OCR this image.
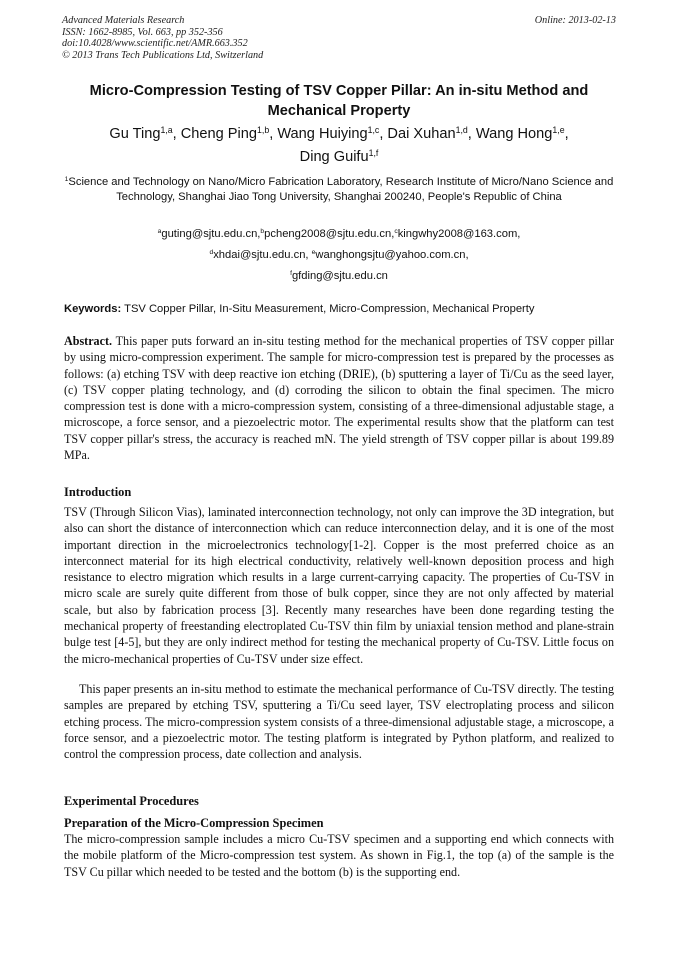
Advanced Materials Research
ISSN: 1662-8985, Vol. 663, pp 352-356
doi:10.4028/www.scientific.net/AMR.663.352
© 2013 Trans Tech Publications Ltd, Switzerland
Online: 2013-02-13
Micro-Compression Testing of TSV Copper Pillar: An in-situ Method and Mechanical Property
Gu Ting$^{1,a}$, Cheng Ping$^{1,b}$, Wang Huiying$^{1,c}$, Dai Xuhan$^{1,d}$, Wang Hong$^{1,e}$,
Ding Guifu$^{1,f}$
$^1$Science and Technology on Nano/Micro Fabrication Laboratory, Research Institute of Micro/Nano Science and Technology, Shanghai Jiao Tong University, Shanghai 200240, People's Republic of China
$^a$guting@sjtu.edu.cn,$^b$pcheng2008@sjtu.edu.cn,$^c$kingwhy2008@163.com,
$^d$xhdai@sjtu.edu.cn, $^e$wanghongsjtu@yahoo.com.cn,
$^f$gfding@sjtu.edu.cn
Keywords: TSV Copper Pillar, In-Situ Measurement, Micro-Compression, Mechanical Property
Abstract. This paper puts forward an in-situ testing method for the mechanical properties of TSV copper pillar by using micro-compression experiment. The sample for micro-compression test is prepared by the processes as follows: (a) etching TSV with deep reactive ion etching (DRIE), (b) sputtering a layer of Ti/Cu as the seed layer, (c) TSV copper plating technology, and (d) corroding the silicon to obtain the final specimen. The micro compression test is done with a micro-compression system, consisting of a three-dimensional adjustable stage, a microscope, a force sensor, and a piezoelectric motor. The experimental results show that the platform can test TSV copper pillar's stress, the accuracy is reached mN. The yield strength of TSV copper pillar is about 199.89 MPa.
Introduction
TSV (Through Silicon Vias), laminated interconnection technology, not only can improve the 3D integration, but also can short the distance of interconnection which can reduce interconnection delay, and it is one of the most important direction in the microelectronics technology[1-2]. Copper is the most preferred choice as an interconnect material for its high electrical conductivity, relatively well-known deposition process and high resistance to electro migration which results in a large current-carrying capacity. The properties of Cu-TSV in micro scale are surely quite different from those of bulk copper, since they are not only affected by material scale, but also by fabrication process [3]. Recently many researches have been done regarding testing the mechanical property of freestanding electroplated Cu-TSV thin film by uniaxial tension method and plane-strain bulge test [4-5], but they are only indirect method for testing the mechanical property of Cu-TSV. Little focus on the micro-mechanical properties of Cu-TSV under size effect.
This paper presents an in-situ method to estimate the mechanical performance of Cu-TSV directly. The testing samples are prepared by etching TSV, sputtering a Ti/Cu seed layer, TSV electroplating process and silicon etching process. The micro-compression system consists of a three-dimensional adjustable stage, a microscope, a force sensor, and a piezoelectric motor. The testing platform is integrated by Python platform, and realized to control the compression process, date collection and analysis.
Experimental Procedures
Preparation of the Micro-Compression Specimen
The micro-compression sample includes a micro Cu-TSV specimen and a supporting end which connects with the mobile platform of the Micro-compression test system. As shown in Fig.1, the top (a) of the sample is the TSV Cu pillar which needed to be tested and the bottom (b) is the supporting end.
